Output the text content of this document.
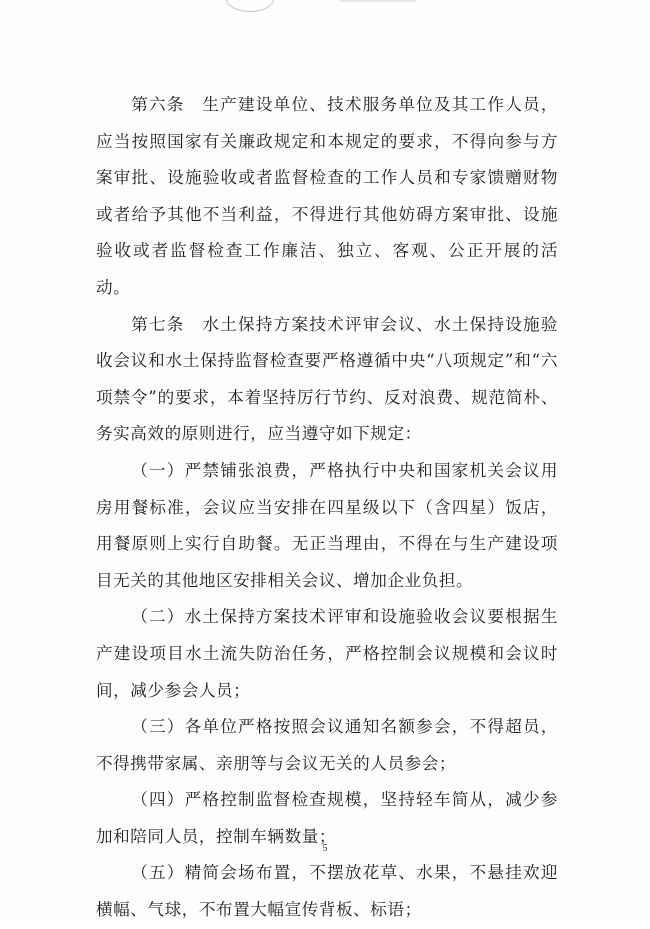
第六条　生产建设单位、技术服务单位及其工作人员，应当按照国家有关廉政规定和本规定的要求，不得向参与方案审批、设施验收或者监督检查的工作人员和专家馈赠财物或者给予其他不当利益，不得进行其他妨碍方案审批、设施验收或者监督检查工作廉洁、独立、客观、公正开展的活动。

第七条　水土保持方案技术评审会议、水土保持设施验收会议和水土保持监督检查要严格遵循中央“八项规定”和“六项禁令”的要求，本着坚持厉行节约、反对浪费、规范简朴、务实高效的原则进行，应当遵守如下规定：

（一）严禁铺张浪费，严格执行中央和国家机关会议用房用餐标准，会议应当安排在四星级以下（含四星）饭店，用餐原则上实行自助餐。无正当理由，不得在与生产建设项目无关的其他地区安排相关会议、增加企业负担。

（二）水土保持方案技术评审和设施验收会议要根据生产建设项目水土流失防治任务，严格控制会议规模和会议时间，减少参会人员；

（三）各单位严格按照会议通知名额参会，不得超员，不得携带家属、亲朋等与会议无关的人员参会；

（四）严格控制监督检查规模，坚持轻车简从，减少参加和陪同人员，控制车辆数量；

（五）精简会场布置，不摆放花草、水果，不悬挂欢迎横幅、气球，不布置大幅宣传背板、标语；

5
